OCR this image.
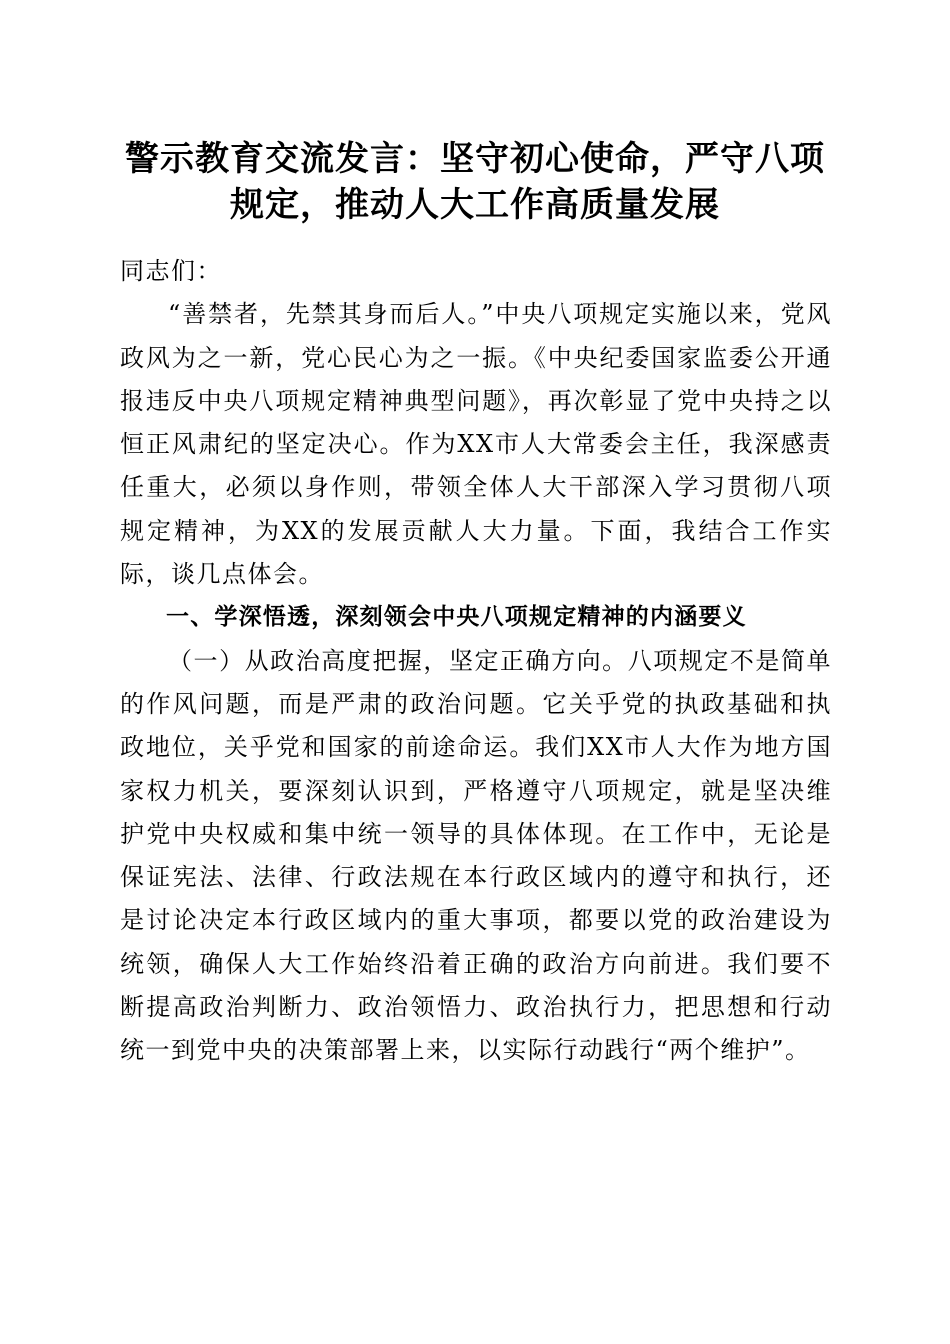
警示教育交流发言：坚守初心使命，严守八项
规定，推动人大工作高质量发展

同志们：

“善禁者，先禁其身而后人。”中央八项规定实施以来，党风政风为之一新，党心民心为之一振。《中央纪委国家监委公开通报违反中央八项规定精神典型问题》，再次彰显了党中央持之以恒正风肃纪的坚定决心。作为XX市人大常委会主任，我深感责任重大，必须以身作则，带领全体人大干部深入学习贯彻八项规定精神，为XX的发展贡献人大力量。下面，我结合工作实际，谈几点体会。

一、学深悟透，深刻领会中央八项规定精神的内涵要义

（一）从政治高度把握，坚定正确方向。八项规定不是简单的作风问题，而是严肃的政治问题。它关乎党的执政基础和执政地位，关乎党和国家的前途命运。我们XX市人大作为地方国家权力机关，要深刻认识到，严格遵守八项规定，就是坚决维护党中央权威和集中统一领导的具体体现。在工作中，无论是保证宪法、法律、行政法规在本行政区域内的遵守和执行，还是讨论决定本行政区域内的重大事项，都要以党的政治建设为统领，确保人大工作始终沿着正确的政治方向前进。我们要不断提高政治判断力、政治领悟力、政治执行力，把思想和行动统一到党中央的决策部署上来，以实际行动践行“两个维护”。
